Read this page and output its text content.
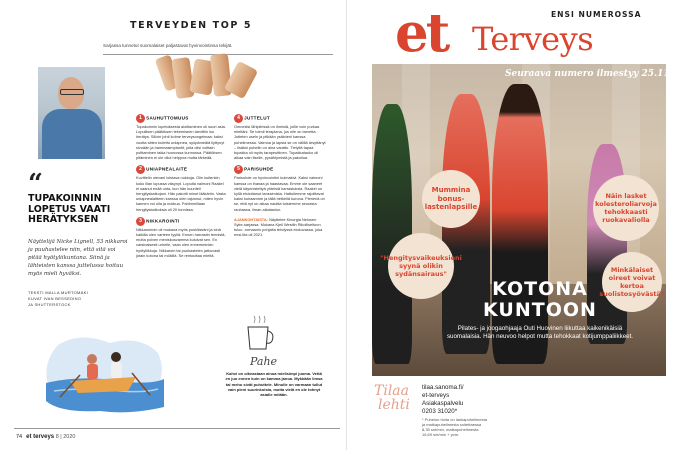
TERVEYDEN TOP 5
Sarjassa tunnetut suomalaiset paljastavat hyvinvointinsa tekijät.
“
TUPAKOINNIN LOPETUS VAATI HERÄTYKSEN
Näyttelijä Nicke Lignell, 53 nikkaroi ja puuhastelee niin, että sitä voi pitää hyötyliikuntana. Siinä ja lähteisten kanssa juttelussa hoituu myös mieli hyväksi.
TEKSTI MALLA MURTOMÄKI
KUVAT IVAN BESSEDINO
JA SHUTTERSTOCK
1 SAUHUTTOMUUS
Tupakoinnin lopetuksesta aloittaminen oli suuri asia. Lopullisen päätöksen tekemiseen tarvittiin iso herätys. Silloin johti kolme terveysongelmaa: kaksi vuotta sitten todettu uniapnea, syöpämeälä ilyttynyt sivuään ja hammasimplantit, joita olisi voittain polttaminen takia huonossa kunnossa. Päätöksen pitäminen ei ole ollut helppoa mutta tärkeää.
2 UNIAPNEALAITE
Kuvittelin olevani loistava nukkuja. Olin kuitenkin koko illan lopussa väsynyt. Lopulta vaimoni Raakel ei saanut enää unta, kun hän kuunteli hengityskatkojani. Hän pakotti minut lääkäriin. Vasta uniapnealaitteen kanssa olen tajunnut, miten hyvin kannen voi olla ja nukkua. Pahimmillaan hengityskatkoksia oli 20 tunnissa.
3 NIKKAROINTI
Nikkaroinnin oli mukana myös puutöissäni ja sinä kaikilla olen varteen tyyliä. Ennen harrastin tennistä, mutta polven meniskusvamma kuluivat sen. En varsinaisesti urheile, vaan olen ennemminkin hyötyliikkuja. Nikkaroin tai puuhastelen jatkuvasti jotain kotona tai mökillä. Se rentouttaa mieltä.
4 JUTTELUT
Omnekisi lähipiirissä on ihmisiä, joille voin purkaa mieltäni. Se toimii terapiana, jos olle on tarvetta. Juttelen usein ja pitkään ystävieni kanssa puhelimessa. Vaimoa ja lapsia se on välillä ärsyttänyt – lisäksi puhelin on aina varattu. Tietyllä tapaa tupakka oli myös tarapeuttinen. Tupakkatauko oli aikaa vain itselle, pysähtymistä ja pakoilua.
5 PARISUHDE
Parisuhde on hyvinvointini kulmakivi. Kaksi vaimoni kanssa on ihanaa ja haastavaa. Emme ole saaneet vielä käynnistettyä yhteisiä harrastuksia. Raakel on kyllä ehdottanut tanssimista. Hattuilemme rajoittavat kaksi koiraamme ja tällä hetkellä korona. Pienenä on se, että nyt on aikaa nauttia toistemme seurasta rauhassa, ilman aikataulun.
AJANKOHTAISTA: Näyttelee Kinorgia Nelosen Syke-sarjassa. Mukana Kjell Westlin Rikolliseltoon tuloo -romaanin pohjalta tehdyssä elokuvassa, joka ensi-ilta oli 2021.
Pahe
Kahvi on oikeastaan ainoa mielisimpi juoma. Vettä en juo ennen kuin on kamma janoa. Mykkään limsa tai mehu sivät puhuttele. Minulle on varmaan tullut vain pieni suurinkoista, mutta vielä en ole tohnyt asialle mitään.
74 et terveys 8 | 2020
et Terveys
ENSI NUMEROSSA
Seuraava numero ilmestyy 25.11.
Mummina bonus-lastenlapsille
Näin lasket kolesteroliarvoja tehokkaasti ruokavaliolla
"Hengitysvaikeuksieni syynä olikin sydänsairaus"	Minkälaiset oireet voivat kertoa suolistosyövästä?
KOTONA KUNTOON
Pilates- ja joogaohjaaja Outi Huovinen liikuttaa kaikenikäisiä suomalaisia. Hän neuvoo helpot mutta tehokkaat kotijumppaliikkeet.
Tilaa
lehti
tilaa.sanoma.fi/
et-terveys
Asiakaspalvelu
0203 31020*
* Puhelun hinta on lankapuhelimesta ja matkapuhelimesta soitettaessa 8,35 snt/min, matkapuhelimesta 16,69 snt/min + pvm.
